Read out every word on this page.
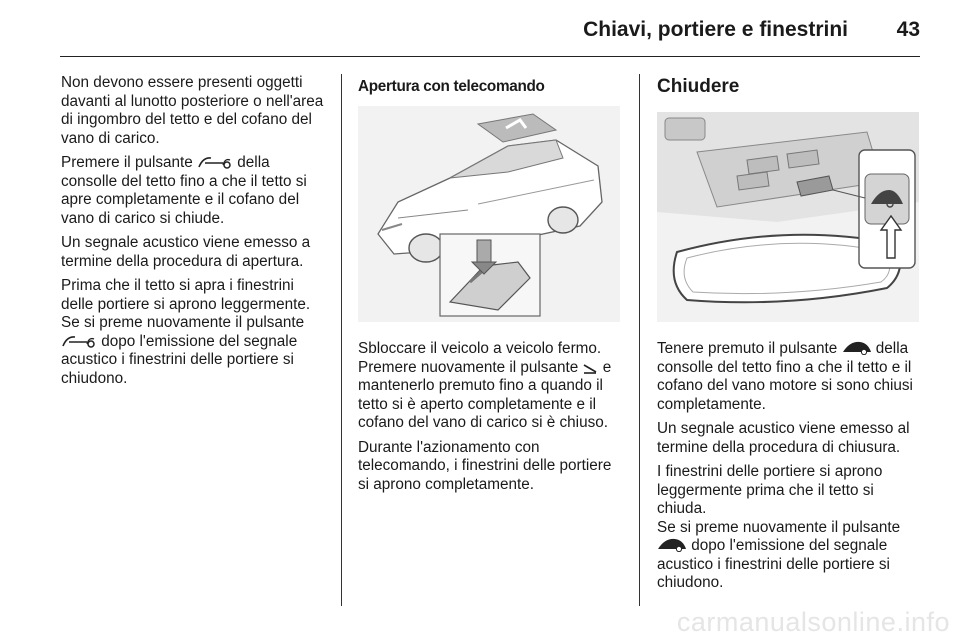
Chiavi, portiere e finestrini 43

Non devono essere presenti oggetti davanti al lunotto posteriore o nell'area di ingombro del tetto e del cofano del vano di carico.

Premere il pulsante	della consolle del tetto fino a che il tetto si apre completamente e il cofano del vano di carico si chiude.

Un segnale acustico viene emesso a termine della procedura di apertura.

Prima che il tetto si apra i finestrini delle portiere si aprono leggermente.

Se si preme nuovamente il pulsante  dopo l'emissione del segnale acustico i finestrini delle portiere si chiudono.

Apertura con telecomando

Sbloccare il veicolo a veicolo fermo. Premere nuovamente il pulsante e mantenerlo premuto fino a quando il tetto si è aperto completamente e il cofano del vano di carico si è chiuso.

Durante l'azionamento con telecomando, i finestrini delle portiere si aprono completamente.

Chiudere

Tenere premuto il pulsante	della consolle del tetto fino a che il tetto e il cofano del vano motore si sono chiusi completamente.

Un segnale acustico viene emesso al termine della procedura di chiusura.

I finestrini delle portiere si aprono leggermente prima che il tetto si chiuda.

Se si preme nuovamente il pulsante  dopo l'emissione del segnale acustico i finestrini delle portiere si chiudono.

carmanualsonline.info
